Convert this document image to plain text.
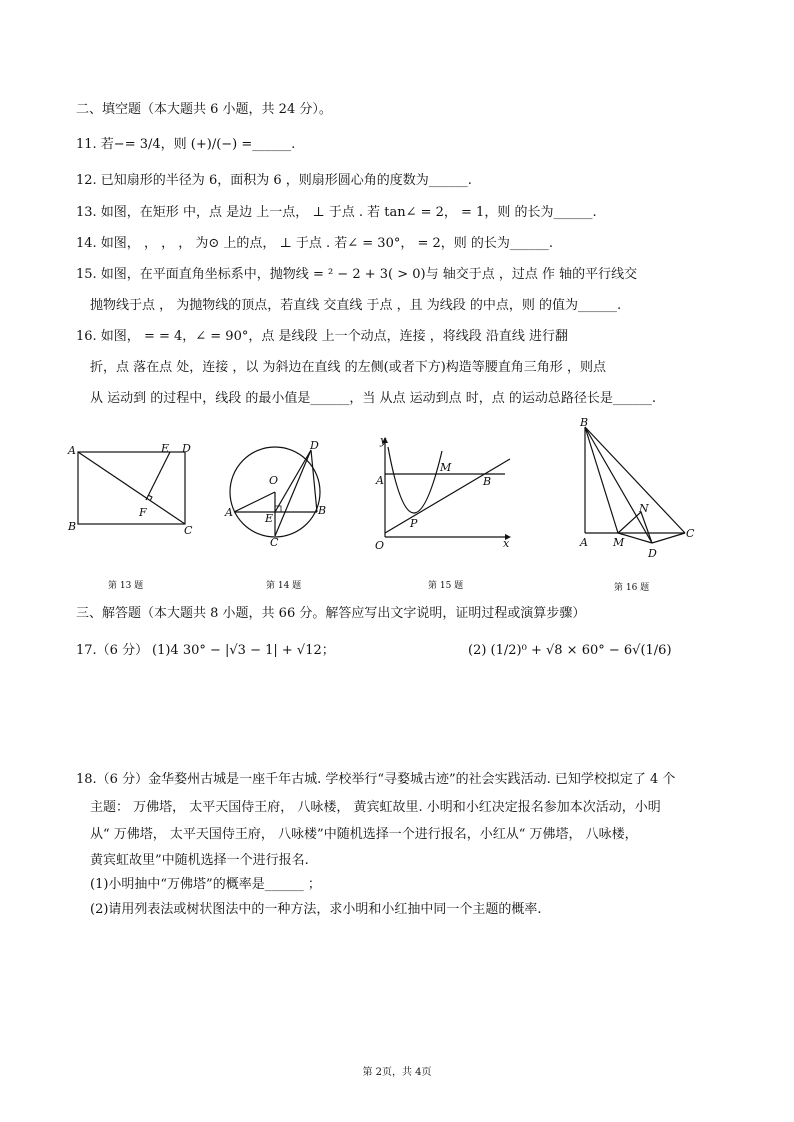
二、填空题（本大题共 6 小题，共 24 分）。
11. 若−= 3/4，则 (+)/(−) =______.
12. 已知扇形的半径为 6，面积为 6 ，则扇形圆心角的度数为______.
13. 如图，在矩形 中，点 是边 上一点， ⊥ 于点 . 若 tan∠ = 2， = 1，则 的长为______.
14. 如图， ， ， ， 为⊙ 上的点， ⊥ 于点 . 若∠ = 30°， = 2，则 的长为______.
15. 如图，在平面直角坐标系中，抛物线 = ² − 2 + 3( > 0)与 轴交于点 ，过点 作 轴的平行线交
抛物线于点 ， 为抛物线的顶点，若直线 交直线 于点 ，且 为线段 的中点，则 的值为______.
16. 如图， = = 4，∠ = 90°，点 是线段 上一个动点，连接 ，将线段 沿直线 进行翻
折，点 落在点 处，连接 ，以 为斜边在直线 的左侧(或者下方)构造等腰直角三角形 ，则点
从 运动到 的过程中，线段 的最小值是______，当 从点 运动到点 时，点 的运动总路径长是______.
A
B	C
D
E
F	A	B
C
D
E
O
y
x
O
A
M
B
P
B
A M
N
C
D
第 13 题	第 14 题	第 15 题	第 16 题
三、解答题（本大题共 8 小题，共 66 分。解答应写出文字说明，证明过程或演算步骤）
17.（6 分） (1)4 30° − |√3 − 1| + √12；	(2) (1/2)⁰ + √8 × 60° − 6√(1/6)
18.（6 分）金华婺州古城是一座千年古城. 学校举行“寻婺城古迹”的社会实践活动. 已知学校拟定了 4 个
主题： 万佛塔， 太平天国侍王府， 八咏楼， 黄宾虹故里. 小明和小红决定报名参加本次活动，小明
从“ 万佛塔， 太平天国侍王府， 八咏楼”中随机选择一个进行报名，小红从“ 万佛塔， 八咏楼，
黄宾虹故里”中随机选择一个进行报名.
(1)小明抽中“万佛塔”的概率是______ ；
(2)请用列表法或树状图法中的一种方法，求小明和小红抽中同一个主题的概率.
第 2页，共 4页
